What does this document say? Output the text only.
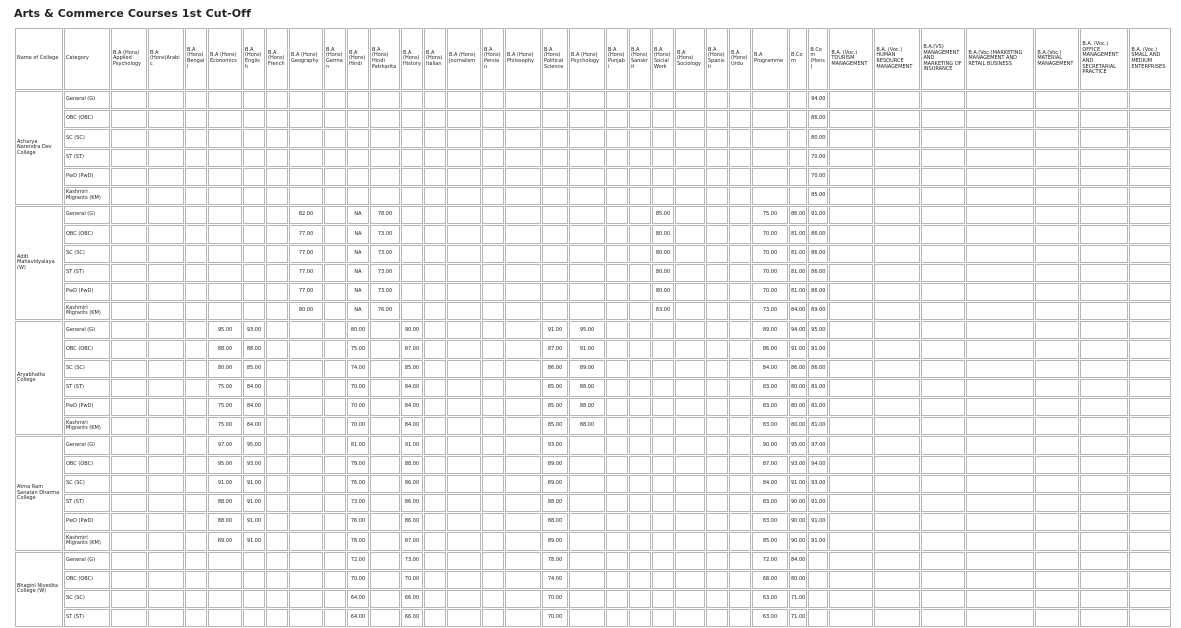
Arts & Commerce Courses 1st Cut-Off
Name of College	Category	B.A (Hons) Applied Psychology	B.A (Hons)Arabic	B.A (Hons) Bengali	B.A (Hons) Economics	B.A (Hons) English	B.A (Hons) French	B.A (Hons) Geography	B.A (Hons) German	B.A (Hons) Hindi	B.A (Hons) Hindi Patrkarita	B.A (Hons) History	B.A (Hons) Italian	B.A (Hons) Journalism	B.A (Hons) Persian	B.A (Hons) Philosophy	B.A (Hons) Political Science	B.A (Hons) Psychology	B.A (Hons) Punjabi	B.A (Hons) Sanskrit	B.A (Hons) Social Work	B.A (Hons) Sociology	B.A (Hons) Spanish	B.A (Hons) Urdu	B.A Programme	B.Com	B.Com (Hons)	B.A. (Voc.) TOURISM MANAGEMENT	B.A. (Voc.) HUMAN RESOURCE MANAGEMENT	B.A.(VS) MANAGEMENT AND MARKETING OF INSURANCE	B.A.(Voc.)MARKETING MANAGEMENT AND RETAIL BUSINESS	B.A.(Voc.) MATERIAL MANAGEMENT	B.A. (Voc.) OFFICE MANAGEMENT AND SECRETARIAL PRACTICE	B.A. (Voc.) SMALL AND MEDIUM ENTERPRISES
Acharya Narendra Dev College	General (G)																										94.00							
	OBC (OBC)																										86.00							
	SC (SC)																										80.00							
	ST (ST)																										70.00							
	PwD (PwD)																										70.00							
	Kashmiri Migrants (KM)																										85.00							
Aditi Mahavidyalaya (W)	General (G)							82.00		NA	78.00										85.00				75.00	86.00	91.00							
	OBC (OBC)							77.00		NA	73.00										80.00				70.00	81.00	86.00							
	SC (SC)							77.00		NA	73.00										80.00				70.00	81.00	86.00							
	ST (ST)							77.00		NA	73.00										80.00				70.00	81.00	86.00							
	PwD (PwD)							77.00		NA	73.00										80.00				70.00	81.00	86.00							
	Kashmiri Migrants (KM)							80.00		NA	76.00										83.00				73.00	84.00	89.00							
Aryabhatta College	General (G)				95.00	93.00				80.00		90.00					91.00	95.00							89.00	94.00	95.00							
	OBC (OBC)				88.00	88.00				75.00		87.00					87.00	91.00							86.00	91.00	91.00							
	SC (SC)				80.00	85.00				74.00		85.00					86.00	89.00							84.00	86.00	86.00							
	ST (ST)				75.00	84.00				70.00		84.00					85.00	88.00							83.00	80.00	81.00							
	PwD (PwD)				75.00	84.00				70.00		84.00					85.00	88.00							83.00	80.00	81.00							
	Kashmiri Migrants (KM)				75.00	84.00				70.00		84.00					85.00	88.00							83.00	80.00	81.00							
Atma Ram Sanatan Dharma College	General (G)				97.00	95.00				81.00		91.00					93.00								90.00	95.00	97.00							
	OBC (OBC)				95.00	93.00				78.00		88.00					89.00								87.00	93.00	94.00							
	SC (SC)				91.00	91.00				76.00		86.00					89.00								84.00	91.00	93.00							
	ST (ST)				88.00	91.00				73.00		86.00					88.00								83.00	90.00	91.00							
	PwD (PwD)				88.00	91.00				76.00		86.00					88.00								83.00	90.00	91.00							
	Kashmiri Migrants (KM)				89.00	91.00				78.00		87.00					89.00								85.00	90.00	91.00							
Bhagini Nivedita College (W)	General (G)									72.00		73.00					78.00								72.00	84.00								
	OBC (OBC)									70.00		70.00					74.00								68.00	80.00								
	SC (SC)									64.00		66.00					70.00								63.00	71.00								
	ST (ST)									64.00		66.00					70.00								63.00	71.00								
